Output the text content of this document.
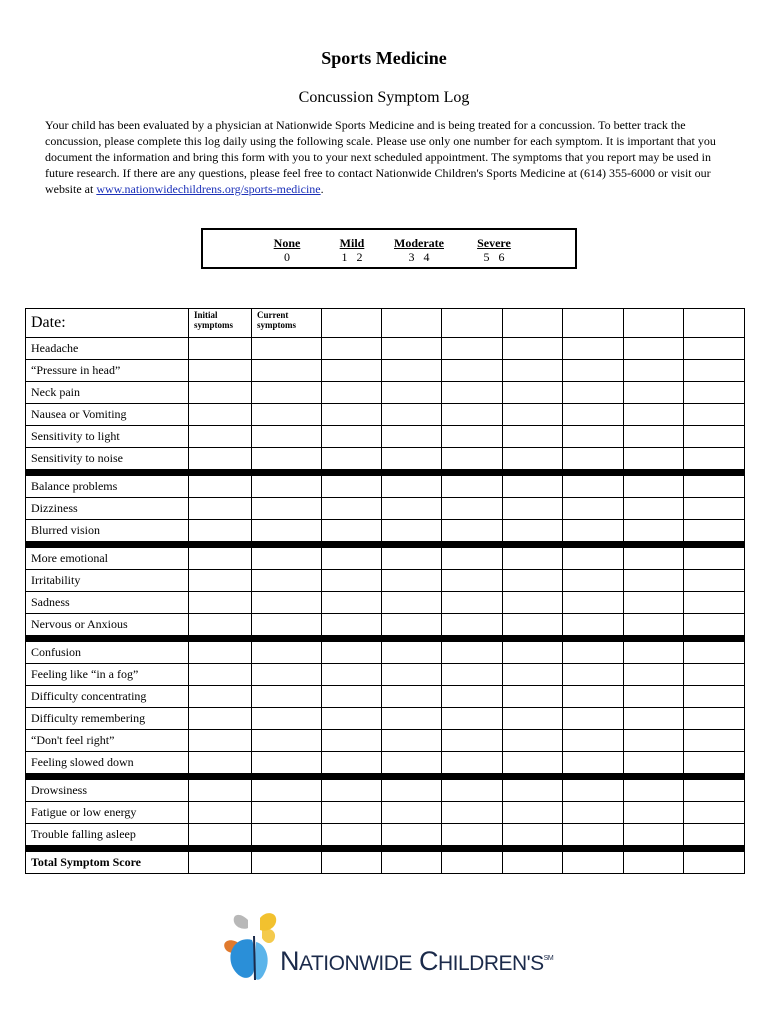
Sports Medicine
Concussion Symptom Log
Your child has been evaluated by a physician at Nationwide Sports Medicine and is being treated for a concussion. To better track the concussion, please complete this log daily using the following scale. Please use only one number for each symptom. It is important that you document the information and bring this form with you to your next scheduled appointment. The symptoms that you report may be used in future research. If there are any questions, please feel free to contact Nationwide Children's Sports Medicine at (614) 355-6000 or visit our website at www.nationwidechildrens.org/sports-medicine.
None
0
Mild
1   2
Moderate
3   4
Severe
5   6
Date:	Initial symptoms	Current symptoms							
Headache									
“Pressure in head”									
Neck pain									
Nausea or Vomiting									
Sensitivity to light									
Sensitivity to noise									

Balance problems									
Dizziness									
Blurred vision									

More emotional									
Irritability									
Sadness									
Nervous or Anxious									

Confusion									
Feeling like “in a fog”									
Difficulty concentrating									
Difficulty remembering									
“Don't feel right”									
Feeling slowed down									

Drowsiness									
Fatigue or low energy									
Trouble falling asleep									

Total Symptom Score									
NATIONWIDE CHILDREN'S℠
